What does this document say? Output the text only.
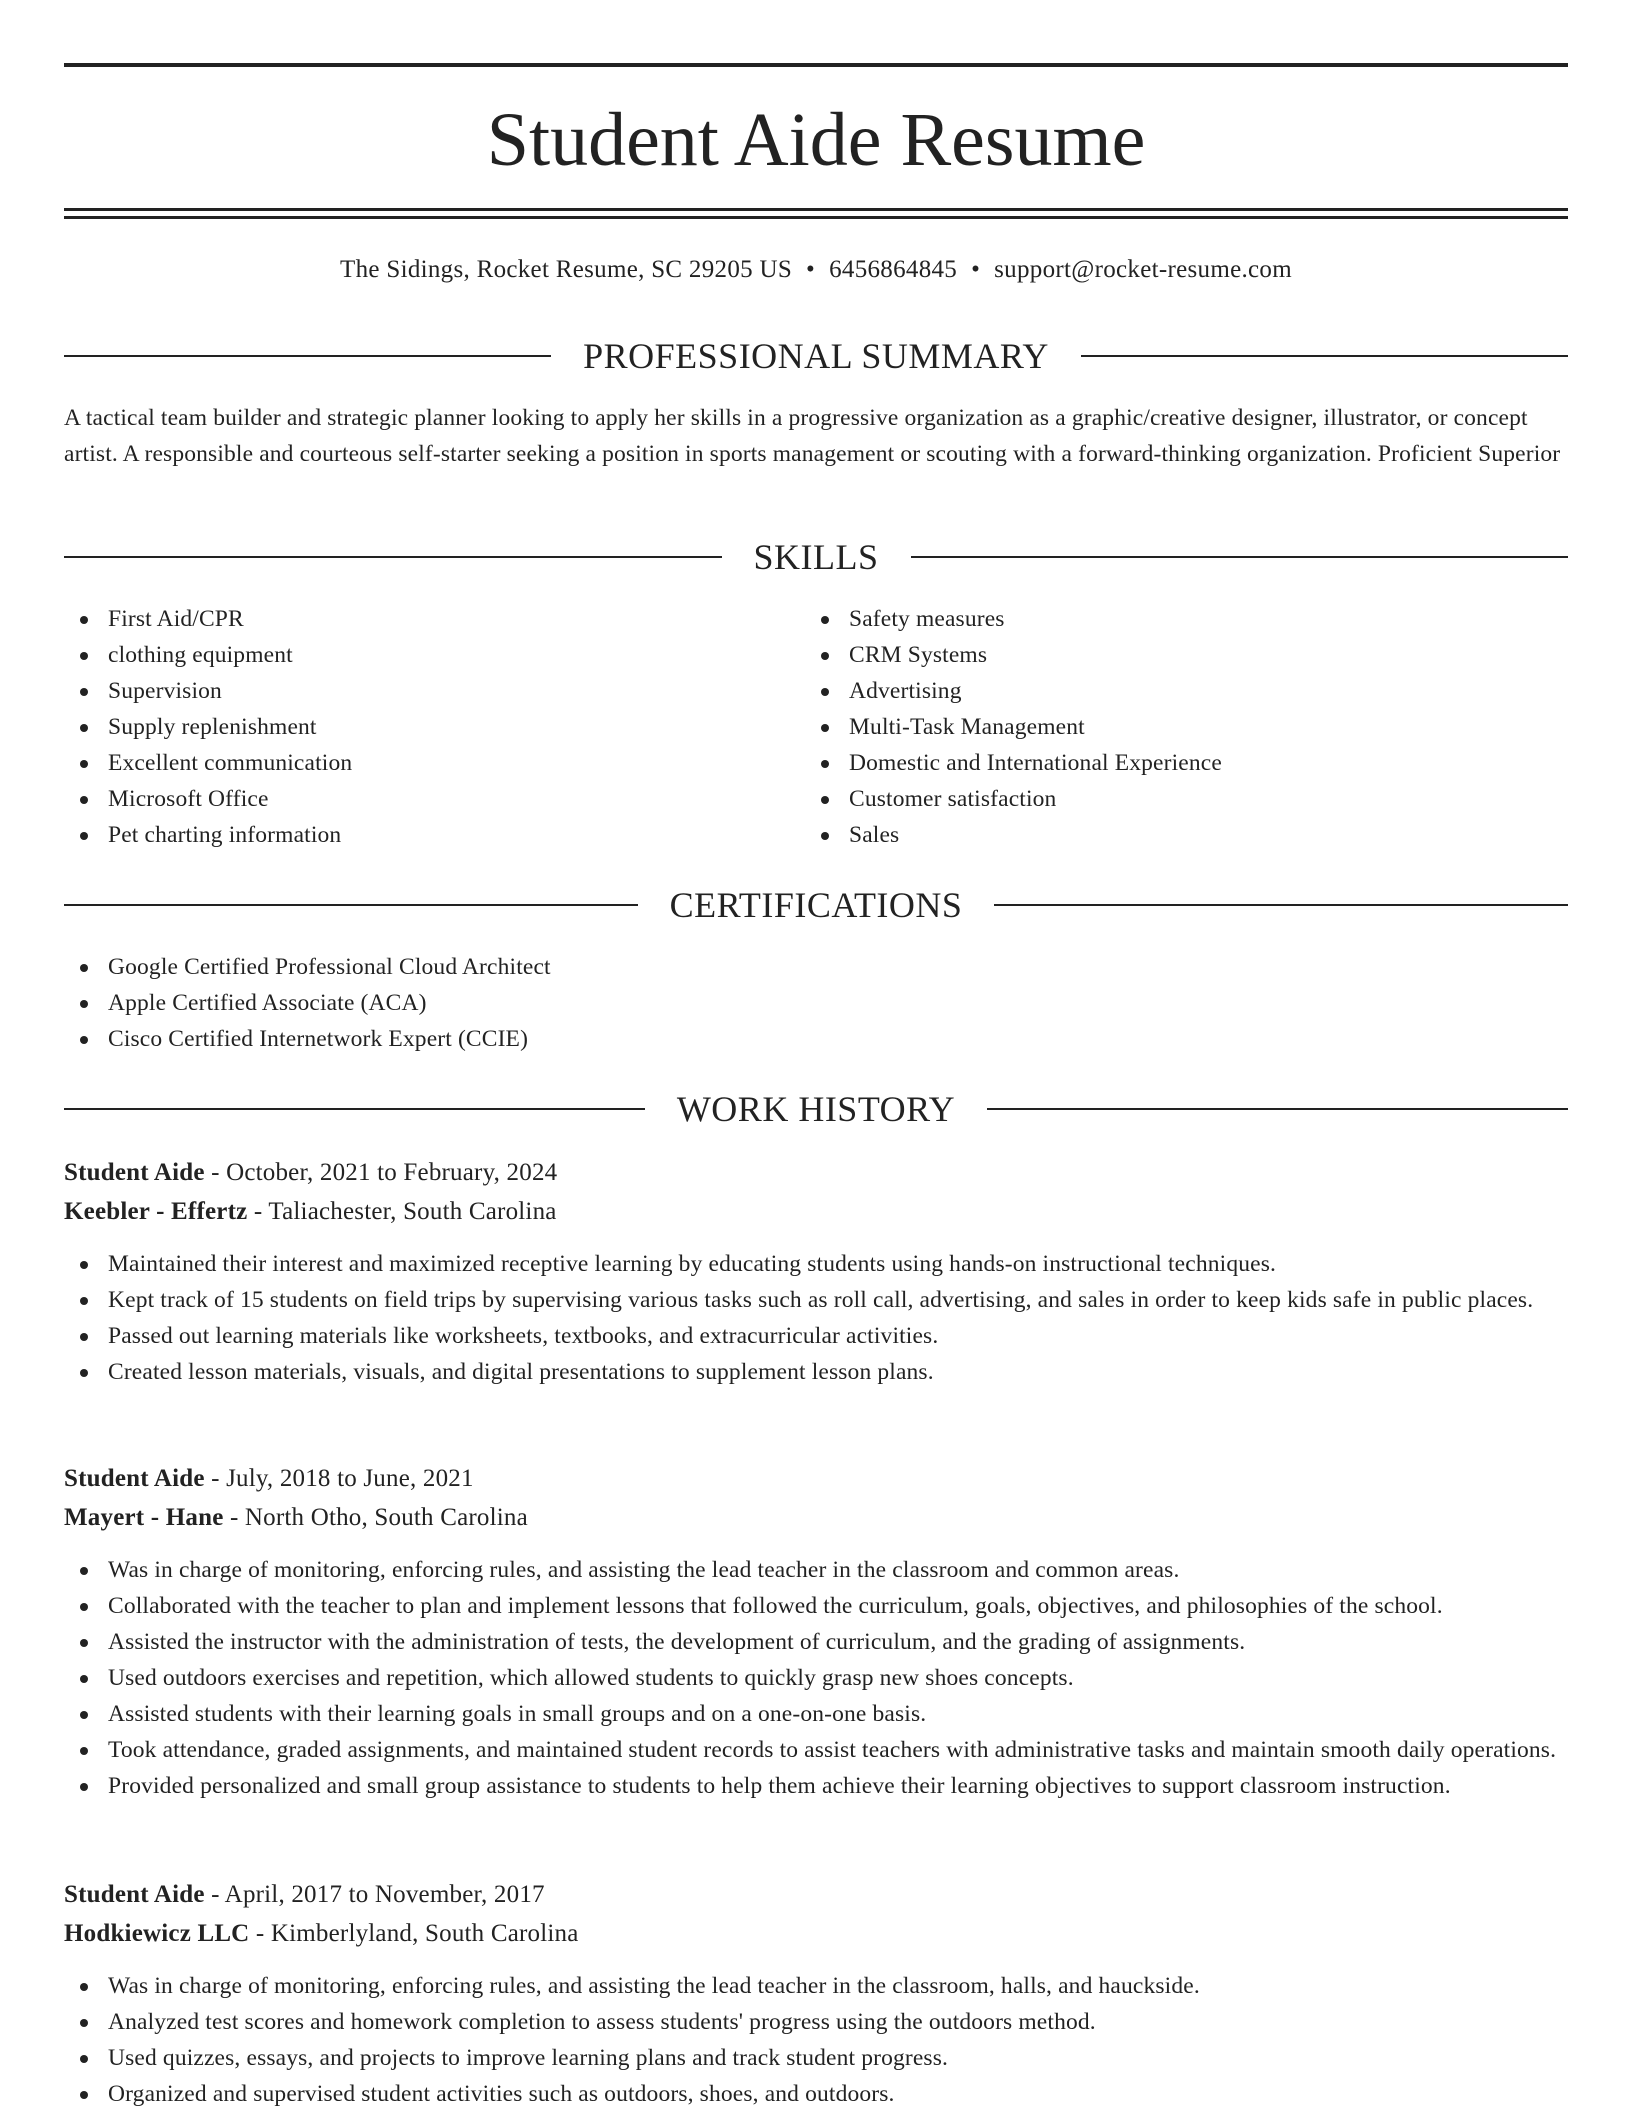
Student Aide Resume
The Sidings, Rocket Resume, SC 29205 US • 6456864845 • support@rocket-resume.com
PROFESSIONAL SUMMARY
A tactical team builder and strategic planner looking to apply her skills in a progressive organization as a graphic/creative designer, illustrator, or concept artist. A responsible and courteous self-starter seeking a position in sports management or scouting with a forward-thinking organization. Proficient Superior
SKILLS
First Aid/CPR
clothing equipment
Supervision
Supply replenishment
Excellent communication
Microsoft Office
Pet charting information
Safety measures
CRM Systems
Advertising
Multi-Task Management
Domestic and International Experience
Customer satisfaction
Sales
CERTIFICATIONS
Google Certified Professional Cloud Architect
Apple Certified Associate (ACA)
Cisco Certified Internetwork Expert (CCIE)
WORK HISTORY
Student Aide - October, 2021 to February, 2024
Keebler - Effertz - Taliachester, South Carolina
Maintained their interest and maximized receptive learning by educating students using hands-on instructional techniques.
Kept track of 15 students on field trips by supervising various tasks such as roll call, advertising, and sales in order to keep kids safe in public places.
Passed out learning materials like worksheets, textbooks, and extracurricular activities.
Created lesson materials, visuals, and digital presentations to supplement lesson plans.
Student Aide - July, 2018 to June, 2021
Mayert - Hane - North Otho, South Carolina
Was in charge of monitoring, enforcing rules, and assisting the lead teacher in the classroom and common areas.
Collaborated with the teacher to plan and implement lessons that followed the curriculum, goals, objectives, and philosophies of the school.
Assisted the instructor with the administration of tests, the development of curriculum, and the grading of assignments.
Used outdoors exercises and repetition, which allowed students to quickly grasp new shoes concepts.
Assisted students with their learning goals in small groups and on a one-on-one basis.
Took attendance, graded assignments, and maintained student records to assist teachers with administrative tasks and maintain smooth daily operations.
Provided personalized and small group assistance to students to help them achieve their learning objectives to support classroom instruction.
Student Aide - April, 2017 to November, 2017
Hodkiewicz LLC - Kimberlyland, South Carolina
Was in charge of monitoring, enforcing rules, and assisting the lead teacher in the classroom, halls, and hauckside.
Analyzed test scores and homework completion to assess students' progress using the outdoors method.
Used quizzes, essays, and projects to improve learning plans and track student progress.
Organized and supervised student activities such as outdoors, shoes, and outdoors.
